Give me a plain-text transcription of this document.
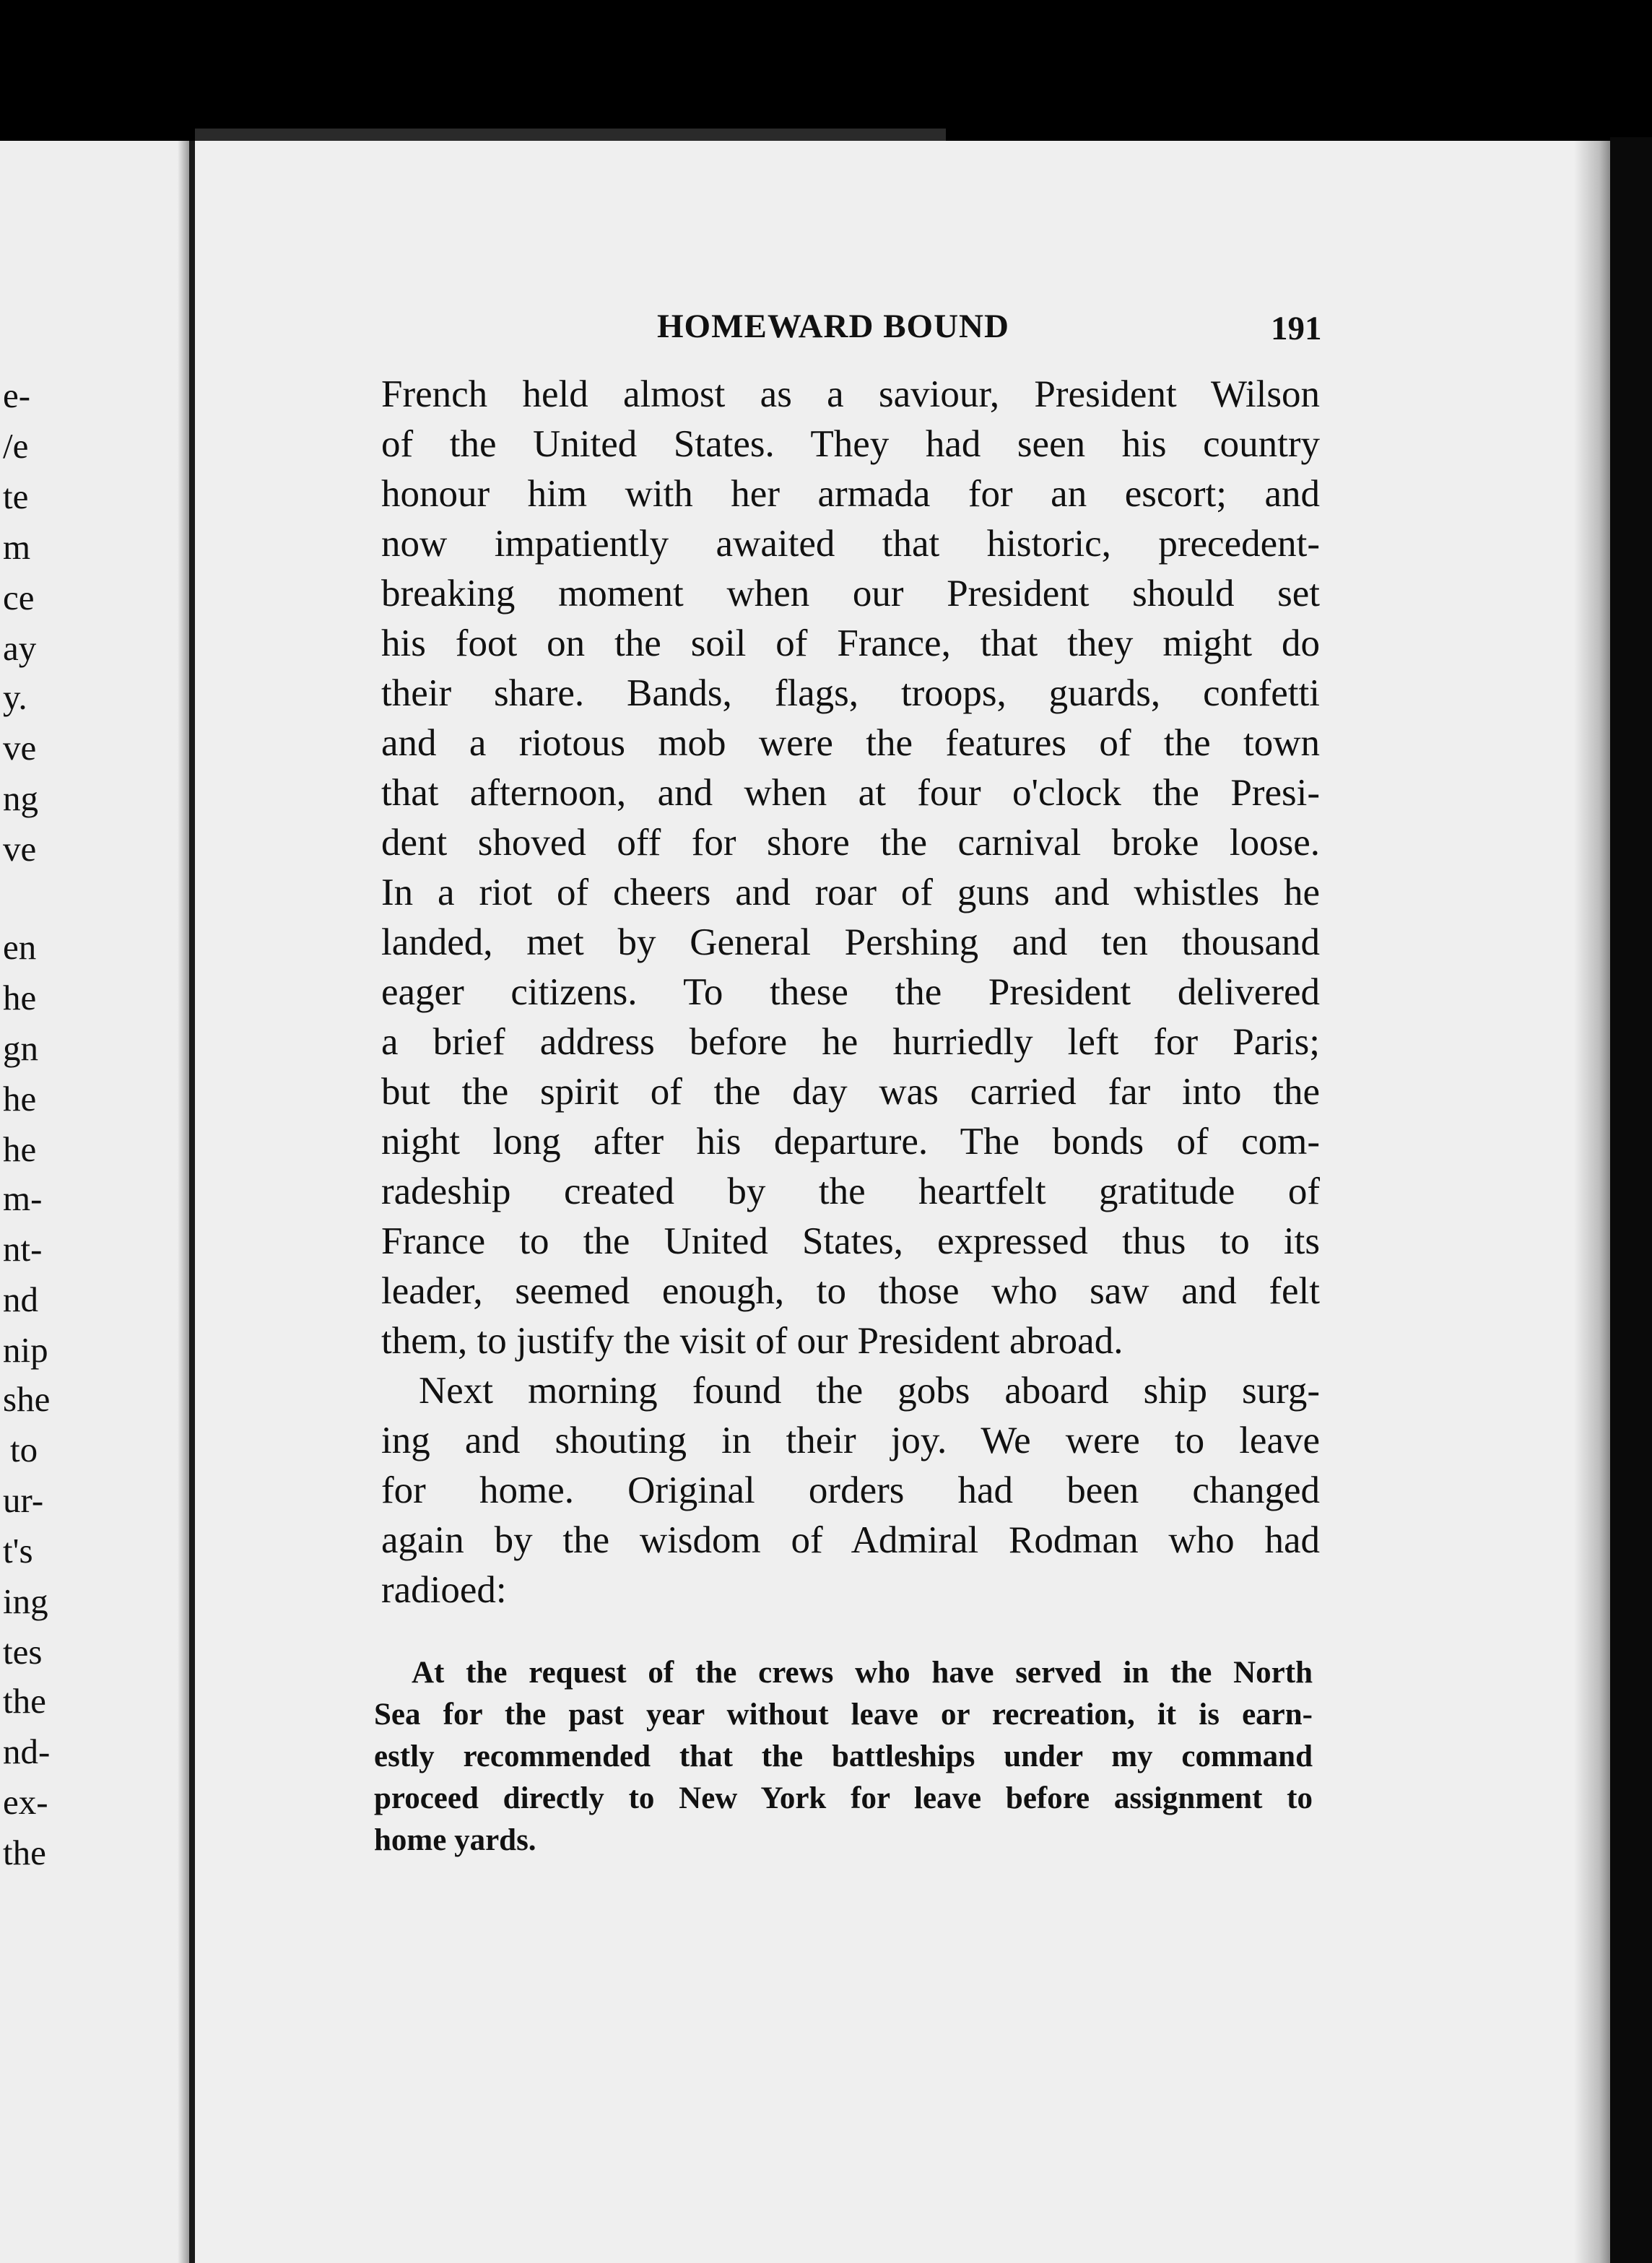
e-
/e
te
m
ce
ay
y.
ve
ng
ve
en
he
gn
he
he
m-
nt-
nd
nip
she
to
ur-
t's
ing
tes
the
nd-
ex-
the
HOMEWARD BOUND	191
French held almost as a saviour, President Wilson
of the United States. They had seen his country
honour him with her armada for an escort; and
now impatiently awaited that historic, precedent-
breaking moment when our President should set
his foot on the soil of France, that they might do
their share. Bands, flags, troops, guards, confetti
and a riotous mob were the features of the town
that afternoon, and when at four o'clock the Presi-
dent shoved off for shore the carnival broke loose.
In a riot of cheers and roar of guns and whistles he
landed, met by General Pershing and ten thousand
eager citizens. To these the President delivered
a brief address before he hurriedly left for Paris;
but the spirit of the day was carried far into the
night long after his departure. The bonds of com-
radeship created by the heartfelt gratitude of
France to the United States, expressed thus to its
leader, seemed enough, to those who saw and felt
them, to justify the visit of our President abroad.
Next morning found the gobs aboard ship surg-
ing and shouting in their joy. We were to leave
for home. Original orders had been changed
again by the wisdom of Admiral Rodman who had
radioed:
At the request of the crews who have served in the North
Sea for the past year without leave or recreation, it is earn-
estly recommended that the battleships under my command
proceed directly to New York for leave before assignment to
home yards.
